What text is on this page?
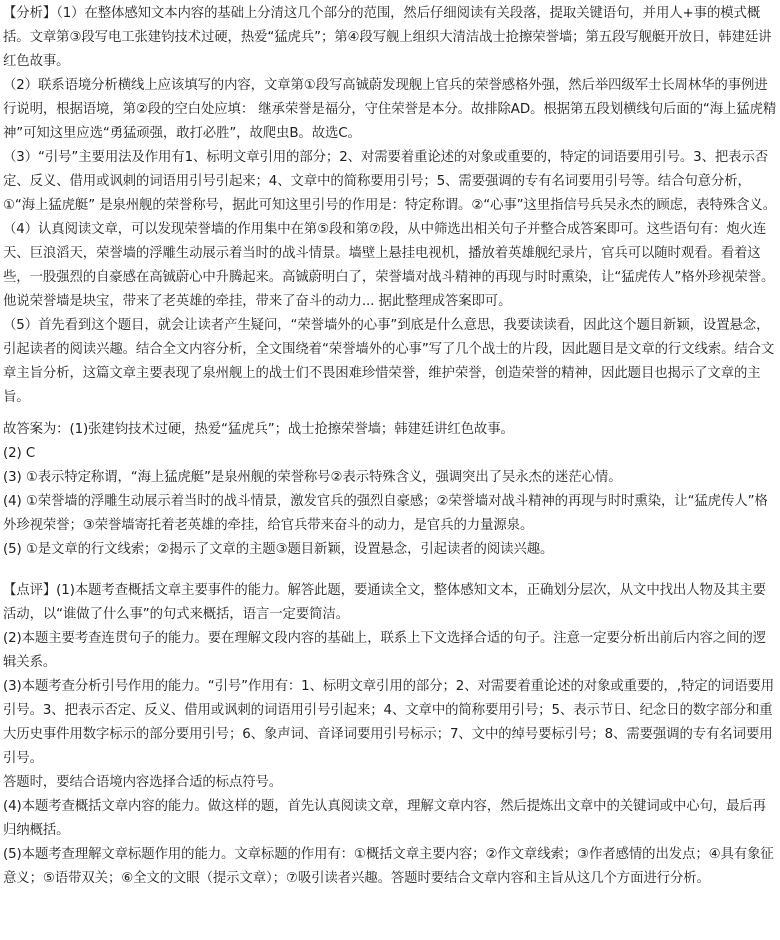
【分析】（1）在整体感知文本内容的基础上分清这几个部分的范围，然后仔细阅读有关段落，提取关键语句，并用人+事的模式概括。文章第③段写电工张建钧技术过硬，热爱“猛虎兵”；第④段写舰上组织大清洁战士抢擦荣誉墙；第五段写舰艇开放日，韩建廷讲红色故事。

（2）联系语境分析横线上应该填写的内容，文章第①段写高铖蔚发现舰上官兵的荣誉感格外强，然后举四级军士长周林华的事例进行说明，根据语境，第②段的空白处应填： 继承荣誉是福分，守住荣誉是本分。故排除AD。根据第五段划横线句后面的“海上猛虎精神”可知这里应选“勇猛顽强，敢打必胜”，故爬虫B。故选C。

（3）“引号”主要用法及作用有1、标明文章引用的部分；2、对需要着重论述的对象或重要的，特定的词语要用引号。3、把表示否定、反义、借用或讽刺的词语用引号引起来；4、文章中的简称要用引号；5、需要强调的专有名词要用引号等。结合句意分析，①“海上猛虎艇” 是泉州舰的荣誉称号，据此可知这里引号的作用是：特定称谓。②“心事”这里指信号兵吴永杰的顾虑，表特殊含义。

（4）认真阅读文章，可以发现荣誉墙的作用集中在第⑤段和第⑦段，从中筛选出相关句子并整合成答案即可。这些语句有：炮火连天、巨浪滔天，荣誉墙的浮雕生动展示着当时的战斗情景。墙壁上悬挂电视机，播放着英雄舰纪录片，官兵可以随时观看。看着这些，一股强烈的自豪感在高铖蔚心中升腾起来。高铖蔚明白了，荣誉墙对战斗精神的再现与时时熏染，让“猛虎传人”格外珍视荣誉。他说荣誉墙是块宝，带来了老英雄的牵挂，带来了奋斗的动力... 据此整理成答案即可。

（5）首先看到这个题目，就会让读者产生疑问，“荣誉墙外的心事”到底是什么意思，我要读读看，因此这个题目新颖，设置悬念，引起读者的阅读兴趣。结合全文内容分析，全文围绕着“荣誉墙外的心事”写了几个战士的片段，因此题目是文章的行文线索。结合文章主旨分析，这篇文章主要表现了泉州舰上的战士们不畏困难珍惜荣誉，维护荣誉，创造荣誉的精神，因此题目也揭示了文章的主旨。

故答案为：(1)张建钧技术过硬，热爱“猛虎兵”；战士抢擦荣誉墙；韩建廷讲红色故事。

(2) C

(3) ①表示特定称谓，“海上猛虎艇”是泉州舰的荣誉称号②表示特殊含义，强调突出了吴永杰的迷茫心情。

(4) ①荣誉墙的浮雕生动展示着当时的战斗情景，激发官兵的强烈自豪感；②荣誉墙对战斗精神的再现与时时熏染，让“猛虎传人”格外珍视荣誉；③荣誉墙寄托着老英雄的牵挂，给官兵带来奋斗的动力，是官兵的力量源泉。

(5) ①是文章的行文线索；②揭示了文章的主题③题目新颖，设置悬念，引起读者的阅读兴趣。

【点评】(1)本题考查概括文章主要事件的能力。解答此题，要通读全文，整体感知文本，正确划分层次，从文中找出人物及其主要活动，以“谁做了什么事”的句式来概括，语言一定要简洁。

(2)本题主要考查连贯句子的能力。要在理解文段内容的基础上，联系上下文选择合适的句子。注意一定要分析出前后内容之间的逻辑关系。

(3)本题考查分析引号作用的能力。“引号”作用有：1、标明文章引用的部分；2、对需要着重论述的对象或重要的，,特定的词语要用引号。3、把表示否定、反义、借用或讽刺的词语用引号引起来；4、文章中的简称要用引号；5、表示节日、纪念日的数字部分和重大历史事件用数字标示的部分要用引号；6、象声词、音译词要用引号标示；7、文中的绰号要标引号；8、需要强调的专有名词要用引号。

答题时，要结合语境内容选择合适的标点符号。

(4)本题考查概括文章内容的能力。做这样的题，首先认真阅读文章，理解文章内容，然后提炼出文章中的关键词或中心句，最后再归纳概括。

(5)本题考查理解文章标题作用的能力。文章标题的作用有：①概括文章主要内容；②作文章线索；③作者感情的出发点；④具有象征意义；⑤语带双关；⑥全文的文眼（提示文章）；⑦吸引读者兴趣。答题时要结合文章内容和主旨从这几个方面进行分析。
